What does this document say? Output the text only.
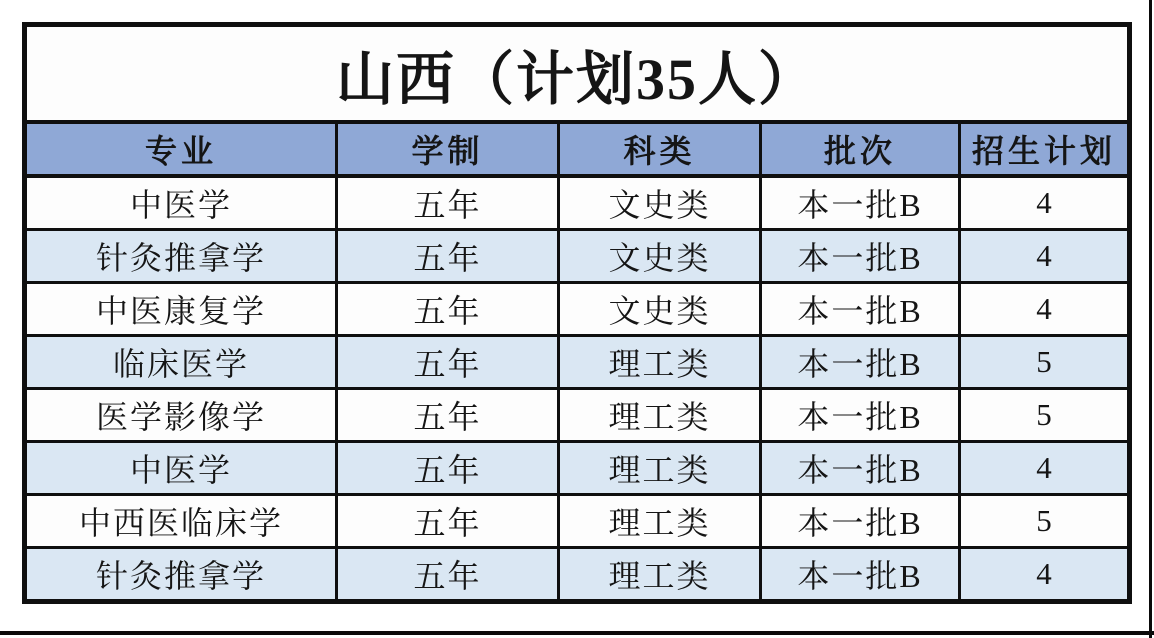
山西（计划35人）				
专业	学制	科类	批次	招生计划
中医学	五年	文史类	本一批B	4
针灸推拿学	五年	文史类	本一批B	4
中医康复学	五年	文史类	本一批B	4
临床医学	五年	理工类	本一批B	5
医学影像学	五年	理工类	本一批B	5
中医学	五年	理工类	本一批B	4
中西医临床学	五年	理工类	本一批B	5
针灸推拿学	五年	理工类	本一批B	4
